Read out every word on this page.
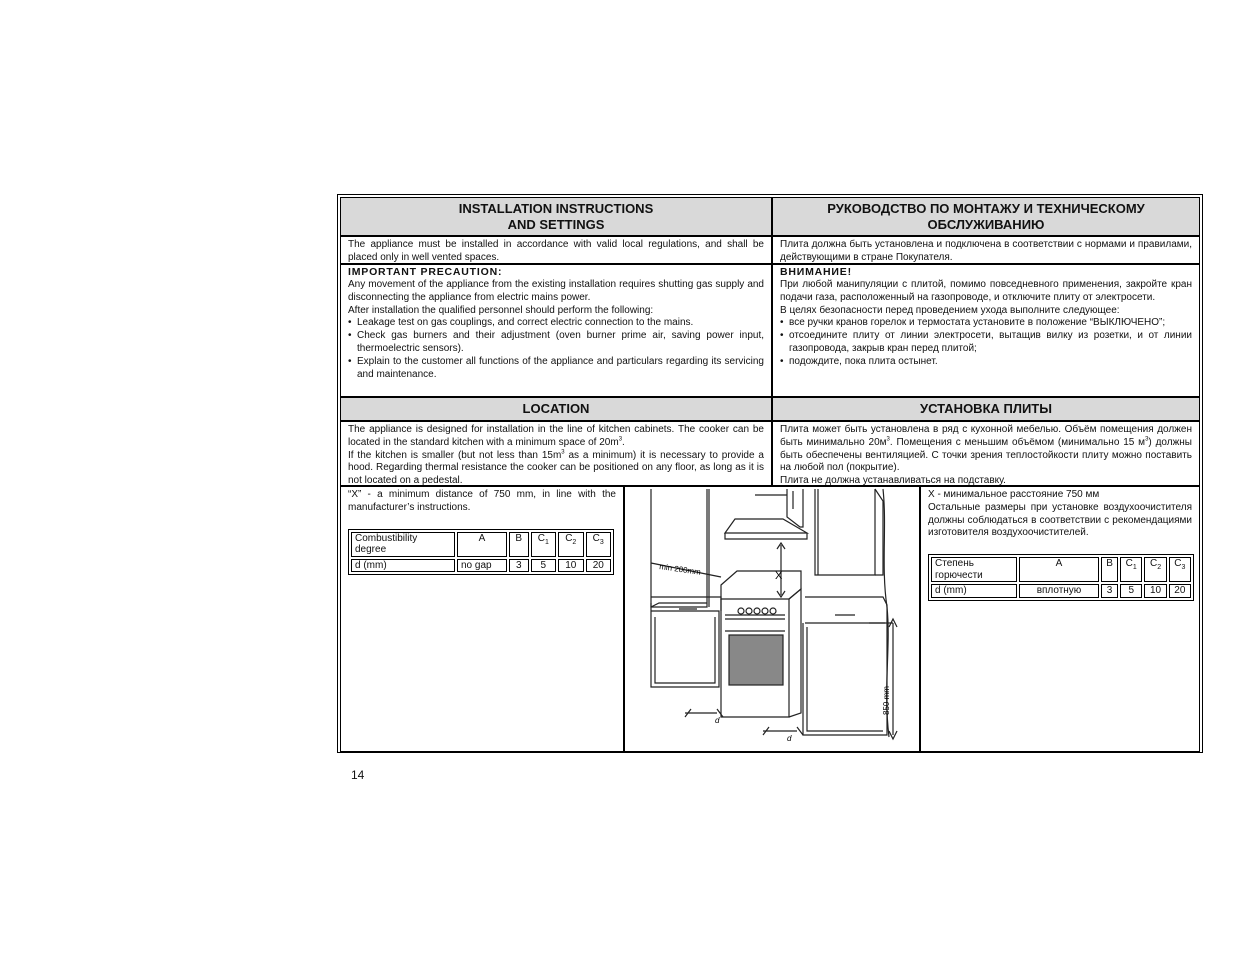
INSTALLATION INSTRUCTIONS
AND SETTINGS
РУКОВОДСТВО ПО МОНТАЖУ И ТЕХНИЧЕСКОМУ
ОБСЛУЖИВАНИЮ

The appliance must be installed in accordance with valid local regulations, and shall be placed only in well vented spaces.

Плита должна быть установлена и подключена в соответствии с нормами и правилами, действующими в стране Покупателя.

IMPORTANT PRECAUTION:

Any movement of the appliance from the existing installation requires shutting gas supply and disconnecting the appliance from electric mains power.

After installation the qualified personnel should perform the following:

• Leakage test on gas couplings, and correct electric connection to the mains.
• Check gas burners and their adjustment (oven burner prime air, saving power input, thermoelectric sensors).
• Explain to the customer all functions of the appliance and particulars regarding its servicing and maintenance.
ВНИМАНИЕ!

При любой манипуляции с плитой, помимо повседневного применения, закройте кран подачи газа, расположенный на газопроводе, и отключите плиту от электросети.

В целях безопасности перед проведением ухода выполните следующее:

• все ручки кранов горелок и термостата установите в положение “ВЫКЛЮЧЕНО”;
• отсоедините плиту от линии электросети, вытащив вилку из розетки, и от линии газопровода, закрыв кран перед плитой;
• подождите, пока плита остынет.
LOCATION	УСТАНОВКА ПЛИТЫ

The appliance is designed for installation in the line of kitchen cabinets. The cooker can be located in the standard kitchen with a minimum space of $20m^3$.

If the kitchen is smaller (but not less than $15m^3$ as a minimum) it is necessary to provide a hood. Regarding thermal resistance the cooker can be positioned on any floor, as long as it is not located on a pedestal.

Плита может быть установлена в ряд с кухонной мебелью. Объём помещения должен быть минимально $20м^3$. Помещения с меньшим объёмом (минимально 15 $м^3$) должны быть обеспечены вентиляцией. С точки зрения теплостойкости плиту можно поставить на любой пол (покрытие).

Плита не должна устанавливаться на подставку.

“X” - a minimum distance of 750 mm, in line with the manufacturer’s instructions.

Combustibility degree	A	B	$C_1$	$C_2$	$C_3$
d (mm)	no gap	3	5	10	20	min 200mm	X
850 mm
d
d

X - минимальное расстояние 750 мм

Остальные размеры при установке воздухоочистителя должны соблюдаться в соответствии с рекомендациями изготовителя воздухоочистителей.

Степень горючести	A	B	$C_1$	$C_2$	$C_3$
d (mm)	вплотную	3	5	10	20
14
